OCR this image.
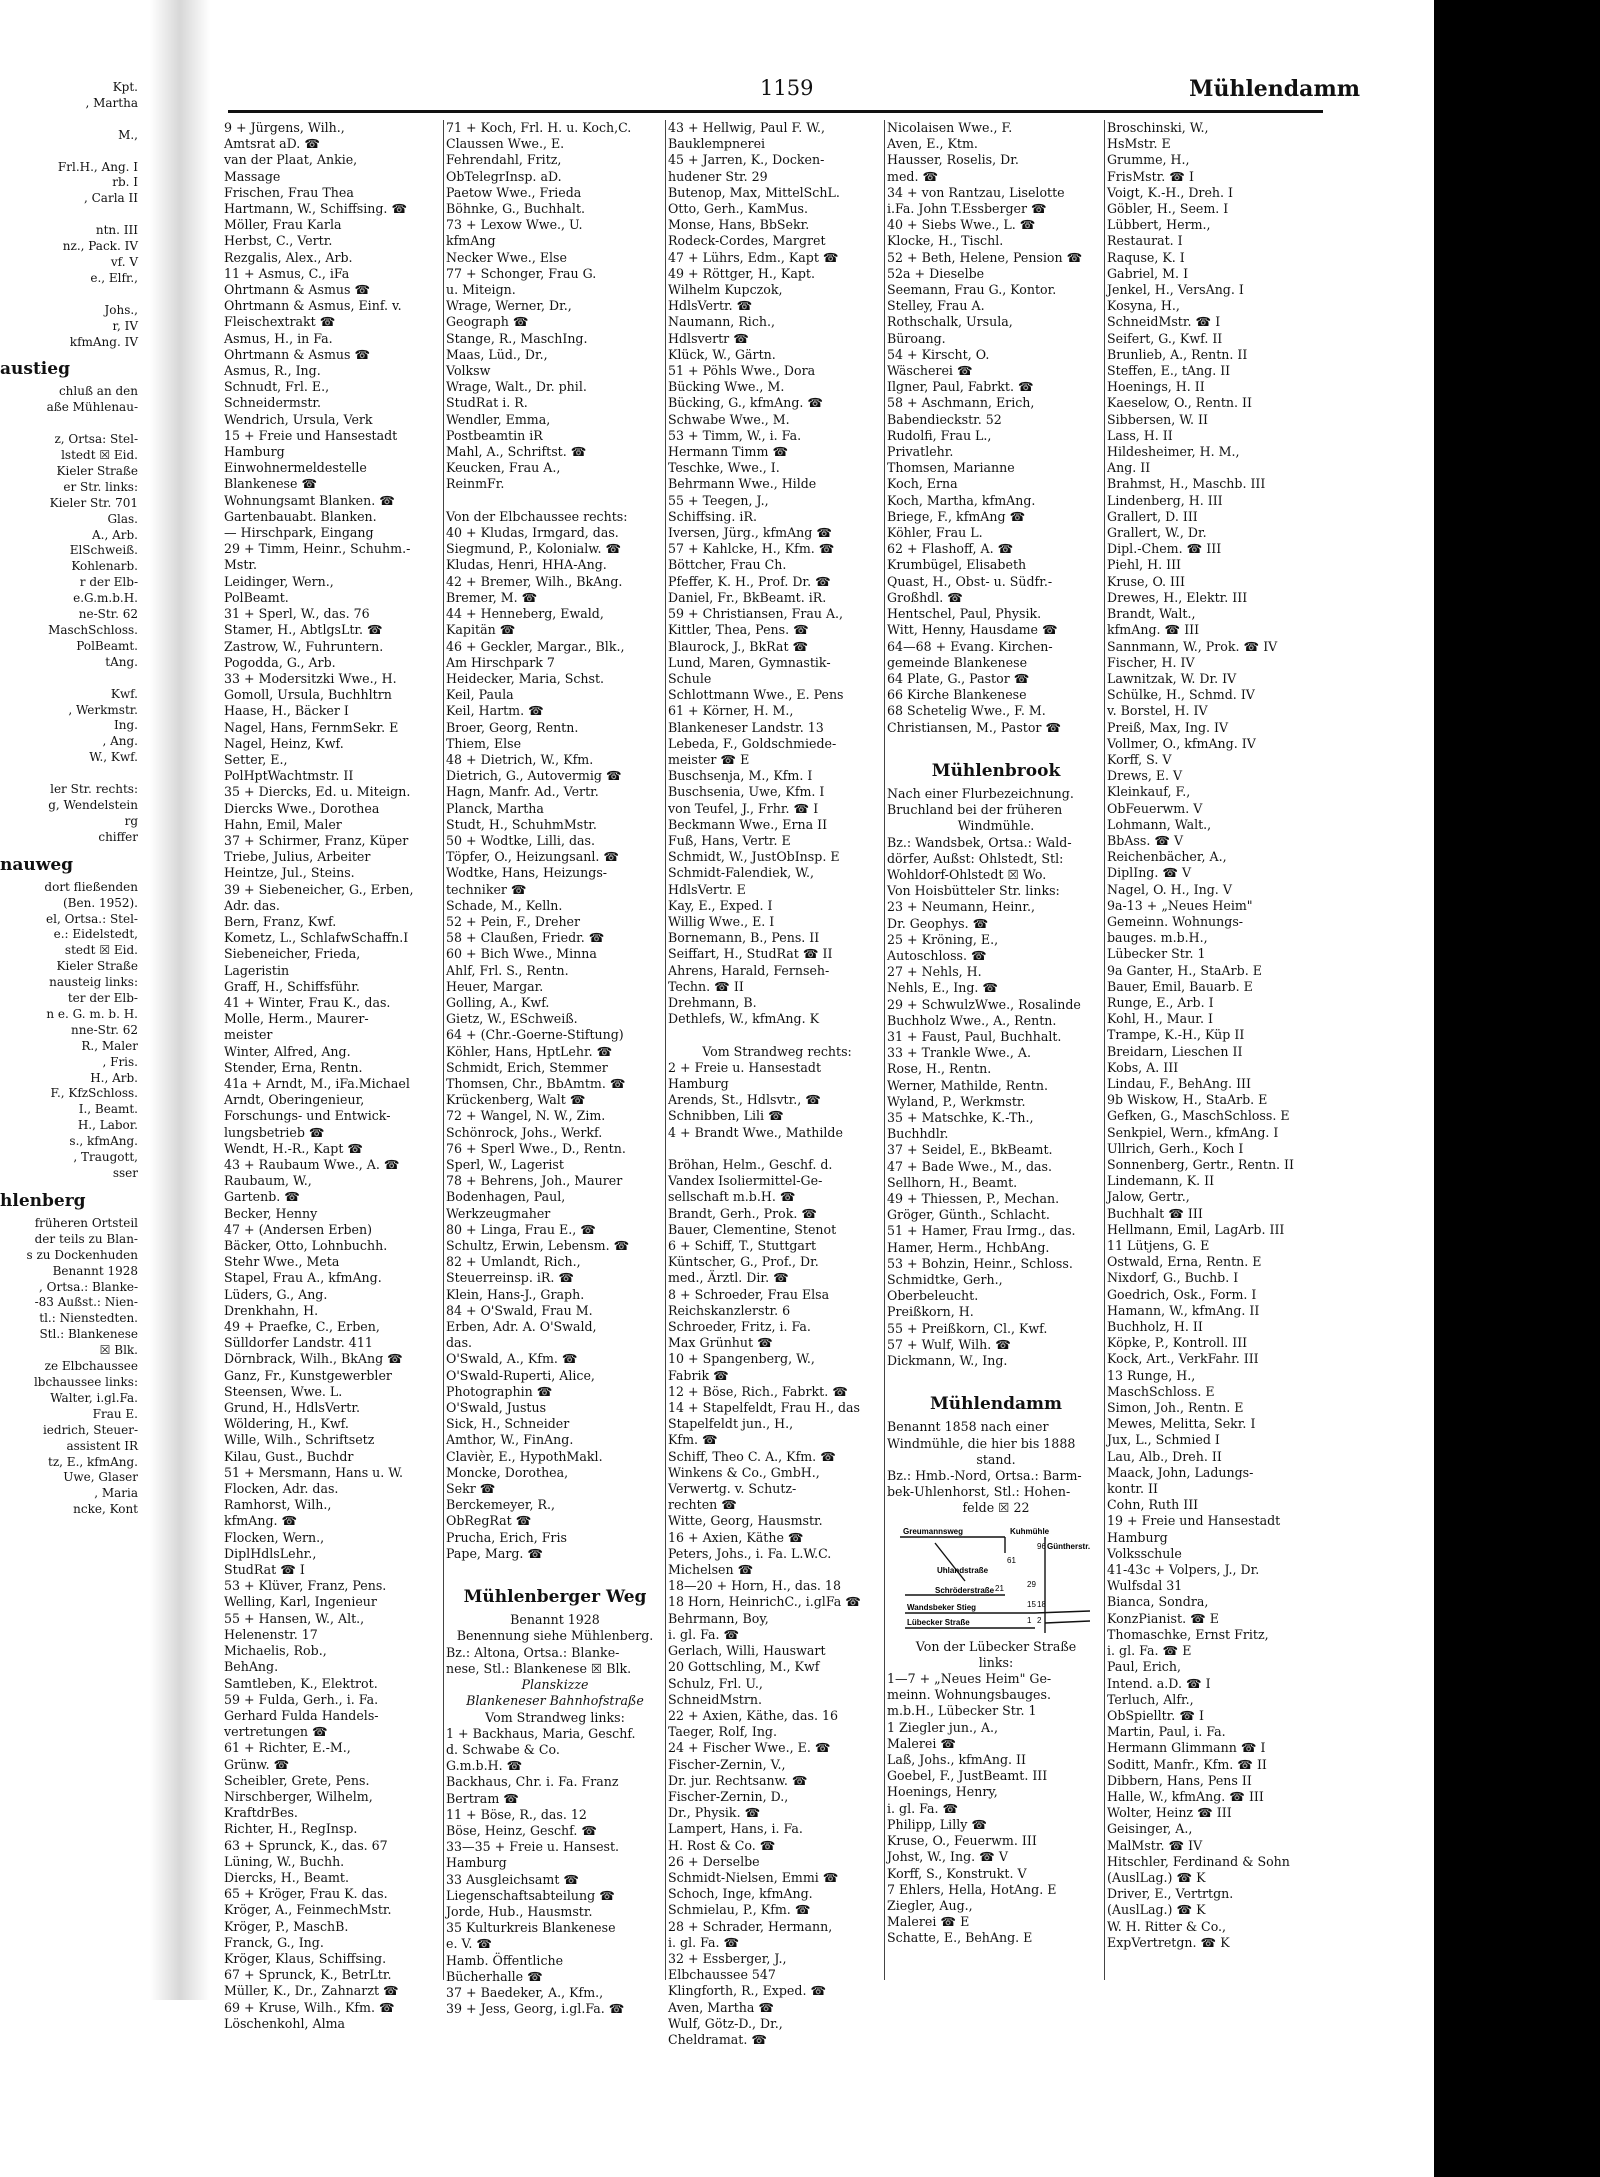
Kpt.
, Martha

M.,

Frl.H., Ang. I
rb. I
, Carla II

ntn. III
nz., Pack. IV
vf. V
e., Elfr.,

Johs.,
r, IV
kfmAng. IV
austieg
chluß an den
aße Mühlenau-

z, Ortsa: Stel-
lstedt ☒ Eid.
Kieler Straße
er Str. links:
Kieler Str. 701
Glas.
A., Arb.
ElSchweiß.
Kohlenarb.
r der Elb-
e.G.m.b.H.
ne-Str. 62
MaschSchloss.
PolBeamt.
tAng.

Kwf.
, Werkmstr.
Ing.
, Ang.
W., Kwf.

ler Str. rechts:
g, Wendelstein
rg
chiffer
nauweg
dort fließenden
(Ben. 1952).
el, Ortsa.: Stel-
e.: Eidelstedt,
stedt ☒ Eid.
Kieler Straße
nausteig links:
ter der Elb-
n e. G. m. b. H.
nne-Str. 62
R., Maler
, Fris.
H., Arb.
F., KfzSchloss.
I., Beamt.
H., Labor.
s., kfmAng.
, Traugott,
sser
hlenberg
früheren Ortsteil
der teils zu Blan-
s zu Dockenhuden
Benannt 1928
, Ortsa.: Blanke-
-83 Außst.: Nien-
tl.: Nienstedten.
Stl.: Blankenese
☒ Blk.
ze Elbchaussee
lbchaussee links:
Walter, i.gl.Fa.
Frau E.
iedrich, Steuer-
assistent IR
tz, E., kfmAng.
Uwe, Glaser
, Maria
ncke, Kont
1159	Mühlendamm
9 + Jürgens, Wilh.,
Amtsrat aD. ☎
van der Plaat, Ankie,
Massage
Frischen, Frau Thea
Hartmann, W., Schiffsing. ☎
Möller, Frau Karla
Herbst, C., Vertr.
Rezgalis, Alex., Arb.
11 + Asmus, C., iFa
Ohrtmann & Asmus ☎
Ohrtmann & Asmus, Einf. v.
Fleischextrakt ☎
Asmus, H., in Fa.
Ohrtmann & Asmus ☎
Asmus, R., Ing.
Schnudt, Frl. E.,
Schneidermstr.
Wendrich, Ursula, Verk
15 + Freie und Hansestadt
Hamburg
Einwohnermeldestelle
Blankenese ☎
Wohnungsamt Blanken. ☎
Gartenbauabt. Blanken.
— Hirschpark, Eingang
29 + Timm, Heinr., Schuhm.-
Mstr.
Leidinger, Wern.,
PolBeamt.
31 + Sperl, W., das. 76
Stamer, H., AbtlgsLtr. ☎
Zastrow, W., Fuhruntern.
Pogodda, G., Arb.
33 + Modersitzki Wwe., H.
Gomoll, Ursula, Buchhltrn
Haase, H., Bäcker I
Nagel, Hans, FernmSekr. E
Nagel, Heinz, Kwf.
Setter, E.,
PolHptWachtmstr. II
35 + Diercks, Ed. u. Miteign.
Diercks Wwe., Dorothea
Hahn, Emil, Maler
37 + Schirmer, Franz, Küper
Triebe, Julius, Arbeiter
Heintze, Jul., Steins.
39 + Siebeneicher, G., Erben,
Adr. das.
Bern, Franz, Kwf.
Kometz, L., SchlafwSchaffn.I
Siebeneicher, Frieda,
Lageristin
Graff, H., Schiffsführ.
41 + Winter, Frau K., das.
Molle, Herm., Maurer-
meister
Winter, Alfred, Ang.
Stender, Erna, Rentn.
41a + Arndt, M., iFa.Michael
Arndt, Oberingenieur,
Forschungs- und Entwick-
lungsbetrieb ☎
Wendt, H.-R., Kapt ☎
43 + Raubaum Wwe., A. ☎
Raubaum, W.,
Gartenb. ☎
Becker, Henny
47 + (Andersen Erben)
Bäcker, Otto, Lohnbuchh.
Stehr Wwe., Meta
Stapel, Frau A., kfmAng.
Lüders, G., Ang.
Drenkhahn, H.
49 + Praefke, C., Erben,
Sülldorfer Landstr. 411
Dörnbrack, Wilh., BkAng ☎
Ganz, Fr., Kunstgewerbler
Steensen, Wwe. L.
Grund, H., HdlsVertr.
Wöldering, H., Kwf.
Wille, Wilh., Schriftsetz
Kilau, Gust., Buchdr
51 + Mersmann, Hans u. W.
Flocken, Adr. das.
Ramhorst, Wilh.,
kfmAng. ☎
Flocken, Wern.,
DiplHdlsLehr.,
StudRat ☎ I
53 + Klüver, Franz, Pens.
Welling, Karl, Ingenieur
55 + Hansen, W., Alt.,
Helenenstr. 17
Michaelis, Rob.,
BehAng.
Samtleben, K., Elektrot.
59 + Fulda, Gerh., i. Fa.
Gerhard Fulda Handels-
vertretungen ☎
61 + Richter, E.-M.,
Grünw. ☎
Scheibler, Grete, Pens.
Nirschberger, Wilhelm,
KraftdrBes.
Richter, H., RegInsp.
63 + Sprunck, K., das. 67
Lüning, W., Buchh.
Diercks, H., Beamt.
65 + Kröger, Frau K. das.
Kröger, A., FeinmechMstr.
Kröger, P., MaschB.
Franck, G., Ing.
Kröger, Klaus, Schiffsing.
67 + Sprunck, K., BetrLtr.
Müller, K., Dr., Zahnarzt ☎
69 + Kruse, Wilh., Kfm. ☎
Löschenkohl, Alma
71 + Koch, Frl. H. u. Koch,C.
Claussen Wwe., E.
Fehrendahl, Fritz,
ObTelegrInsp. aD.
Paetow Wwe., Frieda
Böhnke, G., Buchhalt.
73 + Lexow Wwe., U.
kfmAng
Necker Wwe., Else
77 + Schonger, Frau G.
u. Miteign.
Wrage, Werner, Dr.,
Geograph ☎
Stange, R., MaschIng.
Maas, Lüd., Dr.,
Volksw
Wrage, Walt., Dr. phil.
StudRat i. R.
Wendler, Emma,
Postbeamtin iR
Mahl, A., Schriftst. ☎
Keucken, Frau A.,
ReinmFr.

Von der Elbchaussee rechts:
40 + Kludas, Irmgard, das.
Siegmund, P., Kolonialw. ☎
Kludas, Henri, HHA-Ang.
42 + Bremer, Wilh., BkAng.
Bremer, M. ☎
44 + Henneberg, Ewald,
Kapitän ☎
46 + Geckler, Margar., Blk.,
Am Hirschpark 7
Heidecker, Maria, Schst.
Keil, Paula
Keil, Hartm. ☎
Broer, Georg, Rentn.
Thiem, Else
48 + Dietrich, W., Kfm.
Dietrich, G., Autovermig ☎
Hagn, Manfr. Ad., Vertr.
Planck, Martha
Studt, H., SchuhmMstr.
50 + Wodtke, Lilli, das.
Töpfer, O., Heizungsanl. ☎
Wodtke, Hans, Heizungs-
techniker ☎
Schade, M., Kelln.
52 + Pein, F., Dreher
58 + Claußen, Friedr. ☎
60 + Bich Wwe., Minna
Ahlf, Frl. S., Rentn.
Heuer, Margar.
Golling, A., Kwf.
Gietz, W., ESchweiß.
64 + (Chr.-Goerne-Stiftung)
Köhler, Hans, HptLehr. ☎
Schmidt, Erich, Stemmer
Thomsen, Chr., BbAmtm. ☎
Krückenberg, Walt ☎
72 + Wangel, N. W., Zim.
Schönrock, Johs., Werkf.
76 + Sperl Wwe., D., Rentn.
Sperl, W., Lagerist
78 + Behrens, Joh., Maurer
Bodenhagen, Paul,
Werkzeugmaher
80 + Linga, Frau E., ☎
Schultz, Erwin, Lebensm. ☎
82 + Umlandt, Rich.,
Steuerreinsp. iR. ☎
Klein, Hans-J., Graph.
84 + O'Swald, Frau M.
Erben, Adr. A. O'Swald,
das.
O'Swald, A., Kfm. ☎
O'Swald-Ruperti, Alice,
Photographin ☎
O'Swald, Justus
Sick, H., Schneider
Amthor, W., FinAng.
Clavièr, E., HypothMakl.
Moncke, Dorothea,
Sekr ☎
Berckemeyer, R.,
ObRegRat ☎
Prucha, Erich, Fris
Pape, Marg. ☎

Mühlenberger Weg
Benannt 1928
Benennung siehe Mühlenberg.
Bz.: Altona, Ortsa.: Blanke-
nese, Stl.: Blankenese ☒ Blk.
Planskizze
Blankeneser Bahnhofstraße
Vom Strandweg links:
1 + Backhaus, Maria, Geschf.
d. Schwabe & Co.
G.m.b.H. ☎
Backhaus, Chr. i. Fa. Franz
Bertram ☎
11 + Böse, R., das. 12
Böse, Heinz, Geschf. ☎
33—35 + Freie u. Hansest.
Hamburg
33 Ausgleichsamt ☎
Liegenschaftsabteilung ☎
Jorde, Hub., Hausmstr.
35 Kulturkreis Blankenese
e. V. ☎
Hamb. Öffentliche
Bücherhalle ☎
37 + Baedeker, A., Kfm.,
39 + Jess, Georg, i.gl.Fa. ☎
43 + Hellwig, Paul F. W.,
Bauklempnerei
45 + Jarren, K., Docken-
hudener Str. 29
Butenop, Max, MittelSchL.
Otto, Gerh., KamMus.
Monse, Hans, BbSekr.
Rodeck-Cordes, Margret
47 + Lührs, Edm., Kapt ☎
49 + Röttger, H., Kapt.
Wilhelm Kupczok,
HdlsVertr. ☎
Naumann, Rich.,
Hdlsvertr ☎
Klück, W., Gärtn.
51 + Pöhls Wwe., Dora
Bücking Wwe., M.
Bücking, G., kfmAng. ☎
Schwabe Wwe., M.
53 + Timm, W., i. Fa.
Hermann Timm ☎
Teschke, Wwe., I.
Behrmann Wwe., Hilde
55 + Teegen, J.,
Schiffsing. iR.
Iversen, Jürg., kfmAng ☎
57 + Kahlcke, H., Kfm. ☎
Böttcher, Frau Ch.
Pfeffer, K. H., Prof. Dr. ☎
Daniel, Fr., BkBeamt. iR.
59 + Christiansen, Frau A.,
Kittler, Thea, Pens. ☎
Blaurock, J., BkRat ☎
Lund, Maren, Gymnastik-
Schule
Schlottmann Wwe., E. Pens
61 + Körner, H. M.,
Blankeneser Landstr. 13
Lebeda, F., Goldschmiede-
meister ☎ E
Buschsenja, M., Kfm. I
Buschsenia, Uwe, Kfm. I
von Teufel, J., Frhr. ☎ I
Beckmann Wwe., Erna II
Fuß, Hans, Vertr. E
Schmidt, W., JustObInsp. E
Schmidt-Falendiek, W.,
HdlsVertr. E
Kay, E., Exped. I
Willig Wwe., E. I
Bornemann, B., Pens. II
Seiffart, H., StudRat ☎ II
Ahrens, Harald, Fernseh-
Techn. ☎ II
Drehmann, B.
Dethlefs, W., kfmAng. K

Vom Strandweg rechts:
2 + Freie u. Hansestadt
Hamburg
Arends, St., Hdlsvtr., ☎
Schnibben, Lili ☎
4 + Brandt Wwe., Mathilde

Bröhan, Helm., Geschf. d.
Vandex Isoliermittel-Ge-
sellschaft m.b.H. ☎
Brandt, Gerh., Prok. ☎
Bauer, Clementine, Stenot
6 + Schiff, T., Stuttgart
Küntscher, G., Prof., Dr.
med., Ärztl. Dir. ☎
8 + Schroeder, Frau Elsa
Reichskanzlerstr. 6
Schroeder, Fritz, i. Fa.
Max Grünhut ☎
10 + Spangenberg, W.,
Fabrik ☎
12 + Böse, Rich., Fabrkt. ☎
14 + Stapelfeldt, Frau H., das
Stapelfeldt jun., H.,
Kfm. ☎
Schiff, Theo C. A., Kfm. ☎
Winkens & Co., GmbH.,
Verwertg. v. Schutz-
rechten ☎
Witte, Georg, Hausmstr.
16 + Axien, Käthe ☎
Peters, Johs., i. Fa. L.W.C.
Michelsen ☎
18—20 + Horn, H., das. 18
18 Horn, HeinrichC., i.glFa ☎
Behrmann, Boy,
i. gl. Fa. ☎
Gerlach, Willi, Hauswart
20 Gottschling, M., Kwf
Schulz, Frl. U.,
SchneidMstrn.
22 + Axien, Käthe, das. 16
Taeger, Rolf, Ing.
24 + Fischer Wwe., E. ☎
Fischer-Zernin, V.,
Dr. jur. Rechtsanw. ☎
Fischer-Zernin, D.,
Dr., Physik. ☎
Lampert, Hans, i. Fa.
H. Rost & Co. ☎
26 + Derselbe
Schmidt-Nielsen, Emmi ☎
Schoch, Inge, kfmAng.
Schmielau, P., Kfm. ☎
28 + Schrader, Hermann,
i. gl. Fa. ☎
32 + Essberger, J.,
Elbchaussee 547
Klingforth, R., Exped. ☎
Aven, Martha ☎
Wulf, Götz-D., Dr.,
Cheldramat. ☎
Nicolaisen Wwe., F.
Aven, E., Ktm.
Hausser, Roselis, Dr.
med. ☎
34 + von Rantzau, Liselotte
i.Fa. John T.Essberger ☎
40 + Siebs Wwe., L. ☎
Klocke, H., Tischl.
52 + Beth, Helene, Pension ☎
52a + Dieselbe
Seemann, Frau G., Kontor.
Stelley, Frau A.
Rothschalk, Ursula,
Büroang.
54 + Kirscht, O.
Wäscherei ☎
Ilgner, Paul, Fabrkt. ☎
58 + Aschmann, Erich,
Babendieckstr. 52
Rudolfi, Frau L.,
Privatlehr.
Thomsen, Marianne
Koch, Erna
Koch, Martha, kfmAng.
Briege, F., kfmAng ☎
Köhler, Frau L.
62 + Flashoff, A. ☎
Krumbügel, Elisabeth
Quast, H., Obst- u. Südfr.-
Großhdl. ☎
Hentschel, Paul, Physik.
Witt, Henny, Hausdame ☎
64—68 + Evang. Kirchen-
gemeinde Blankenese
64 Plate, G., Pastor ☎
66 Kirche Blankenese
68 Schetelig Wwe., F. M.
Christiansen, M., Pastor ☎

Mühlenbrook
Nach einer Flurbezeichnung.
Bruchland bei der früheren
Windmühle.
Bz.: Wandsbek, Ortsa.: Wald-
dörfer, Außst: Ohlstedt, Stl:
Wohldorf-Ohlstedt ☒ Wo.
Von Hoisbütteler Str. links:
23 + Neumann, Heinr.,
Dr. Geophys. ☎
25 + Kröning, E.,
Autoschloss. ☎
27 + Nehls, H.
Nehls, E., Ing. ☎
29 + SchwulzWwe., Rosalinde
Buchholz Wwe., A., Rentn.
31 + Faust, Paul, Buchhalt.
33 + Trankle Wwe., A.
Rose, H., Rentn.
Werner, Mathilde, Rentn.
Wyland, P., Werkmstr.
35 + Matschke, K.-Th.,
Buchhdlr.
37 + Seidel, E., BkBeamt.
47 + Bade Wwe., M., das.
Sellhorn, H., Beamt.
49 + Thiessen, P., Mechan.
Gröger, Günth., Schlacht.
51 + Hamer, Frau Irmg., das.
Hamer, Herm., HchbAng.
53 + Bohzin, Heinr., Schloss.
Schmidtke, Gerh.,
Oberbeleucht.
Preißkorn, H.
55 + Preißkorn, Cl., Kwf.
57 + Wulf, Wilh. ☎
Dickmann, W., Ing.

Mühlendamm
Benannt 1858 nach einer
Windmühle, die hier bis 1888
stand.
Bz.: Hmb.-Nord, Ortsa.: Barm-
bek-Uhlenhorst, Stl.: Hohen-
felde ☒ 22
Greumannsweg	Kuhmühle
Güntherstr.
Uhlandstraße
Schröderstraße
Wandsbeker Stieg
Lübecker Straße
61
96
29
21
15 18
1 2
Von der Lübecker Straße
links:
1—7 + „Neues Heim" Ge-
meinn. Wohnungsbauges.
m.b.H., Lübecker Str. 1
1 Ziegler jun., A.,
Malerei ☎
Laß, Johs., kfmAng. II
Goebel, F., JustBeamt. III
Hoenings, Henry,
i. gl. Fa. ☎
Philipp, Lilly ☎
Kruse, O., Feuerwm. III
Johst, W., Ing. ☎ V
Korff, S., Konstrukt. V
7 Ehlers, Hella, HotAng. E
Ziegler, Aug.,
Malerei ☎ E
Schatte, E., BehAng. E
Broschinski, W.,
HsMstr. E
Grumme, H.,
FrisMstr. ☎ I
Voigt, K.-H., Dreh. I
Göbler, H., Seem. I
Lübbert, Herm.,
Restaurat. I
Raquse, K. I
Gabriel, M. I
Jenkel, H., VersAng. I
Kosyna, H.,
SchneidMstr. ☎ I
Seifert, G., Kwf. II
Brunlieb, A., Rentn. II
Steffen, E., tAng. II
Hoenings, H. II
Kaeselow, O., Rentn. II
Sibbersen, W. II
Lass, H. II
Hildesheimer, H. M.,
Ang. II
Brahmst, H., Maschb. III
Lindenberg, H. III
Grallert, D. III
Grallert, W., Dr.
Dipl.-Chem. ☎ III
Piehl, H. III
Kruse, O. III
Drewes, H., Elektr. III
Brandt, Walt.,
kfmAng. ☎ III
Sannmann, W., Prok. ☎ IV
Fischer, H. IV
Lawnitzak, W. Dr. IV
Schülke, H., Schmd. IV
v. Borstel, H. IV
Preiß, Max, Ing. IV
Vollmer, O., kfmAng. IV
Korff, S. V
Drews, E. V
Kleinkauf, F.,
ObFeuerwm. V
Lohmann, Walt.,
BbAss. ☎ V
Reichenbächer, A.,
DiplIng. ☎ V
Nagel, O. H., Ing. V
9a-13 + „Neues Heim"
Gemeinn. Wohnungs-
bauges. m.b.H.,
Lübecker Str. 1
9a Ganter, H., StaArb. E
Bauer, Emil, Bauarb. E
Runge, E., Arb. I
Kohl, H., Maur. I
Trampe, K.-H., Küp II
Breidarn, Lieschen II
Kobs, A. III
Lindau, F., BehAng. III
9b Wiskow, H., StaArb. E
Gefken, G., MaschSchloss. E
Senkpiel, Wern., kfmAng. I
Ullrich, Gerh., Koch I
Sonnenberg, Gertr., Rentn. II
Lindemann, K. II
Jalow, Gertr.,
Buchhalt ☎ III
Hellmann, Emil, LagArb. III
11 Lütjens, G. E
Ostwald, Erna, Rentn. E
Nixdorf, G., Buchb. I
Goedrich, Osk., Form. I
Hamann, W., kfmAng. II
Buchholz, H. II
Köpke, P., Kontroll. III
Kock, Art., VerkFahr. III
13 Runge, H.,
MaschSchloss. E
Simon, Joh., Rentn. E
Mewes, Melitta, Sekr. I
Jux, L., Schmied I
Lau, Alb., Dreh. II
Maack, John, Ladungs-
kontr. II
Cohn, Ruth III
19 + Freie und Hansestadt
Hamburg
Volksschule
41-43c + Volpers, J., Dr.
Wulfsdal 31
Bianca, Sondra,
KonzPianist. ☎ E
Thomaschke, Ernst Fritz,
i. gl. Fa. ☎ E
Paul, Erich,
Intend. a.D. ☎ I
Terluch, Alfr.,
ObSpielltr. ☎ I
Martin, Paul, i. Fa.
Hermann Glimmann ☎ I
Soditt, Manfr., Kfm. ☎ II
Dibbern, Hans, Pens II
Halle, W., kfmAng. ☎ III
Wolter, Heinz ☎ III
Geisinger, A.,
MalMstr. ☎ IV
Hitschler, Ferdinand & Sohn
(AuslLag.) ☎ K
Driver, E., Vertrtgn.
(AuslLag.) ☎ K
W. H. Ritter & Co.,
ExpVertretgn. ☎ K
